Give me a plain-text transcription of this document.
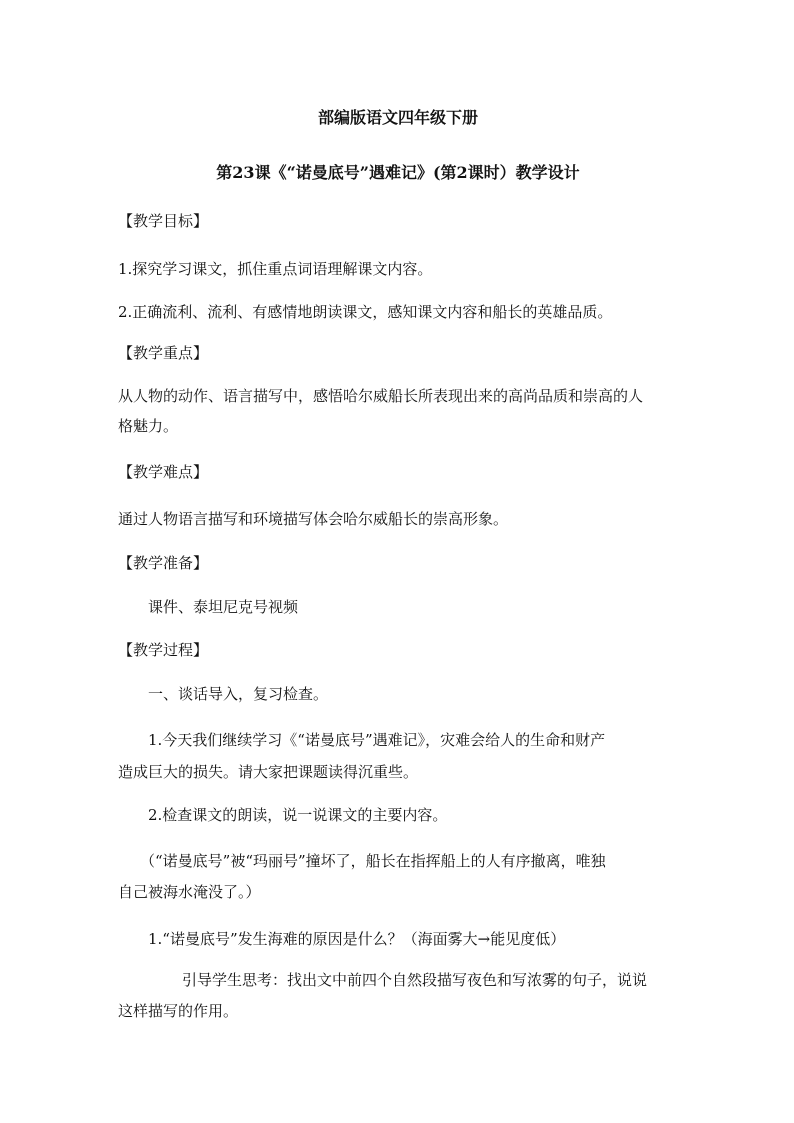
部编版语文四年级下册
第23课《“诺曼底号”遇难记》(第2课时）教学设计
【教学目标】
1.探究学习课文，抓住重点词语理解课文内容。
2.正确流利、流利、有感情地朗读课文，感知课文内容和船长的英雄品质。
【教学重点】
从人物的动作、语言描写中，感悟哈尔威船长所表现出来的高尚品质和崇高的人
格魅力。
【教学难点】
通过人物语言描写和环境描写体会哈尔威船长的崇高形象。
【教学准备】
课件、泰坦尼克号视频
【教学过程】
一、谈话导入，复习检查。
1.今天我们继续学习《“诺曼底号”遇难记》，灾难会给人的生命和财产
造成巨大的损失。请大家把课题读得沉重些。
2.检查课文的朗读，说一说课文的主要内容。
（“诺曼底号”被“玛丽号”撞坏了，船长在指挥船上的人有序撤离，唯独
自己被海水淹没了。）
1.“诺曼底号”发生海难的原因是什么？（海面雾大→能见度低）
引导学生思考：找出文中前四个自然段描写夜色和写浓雾的句子，说说
这样描写的作用。
